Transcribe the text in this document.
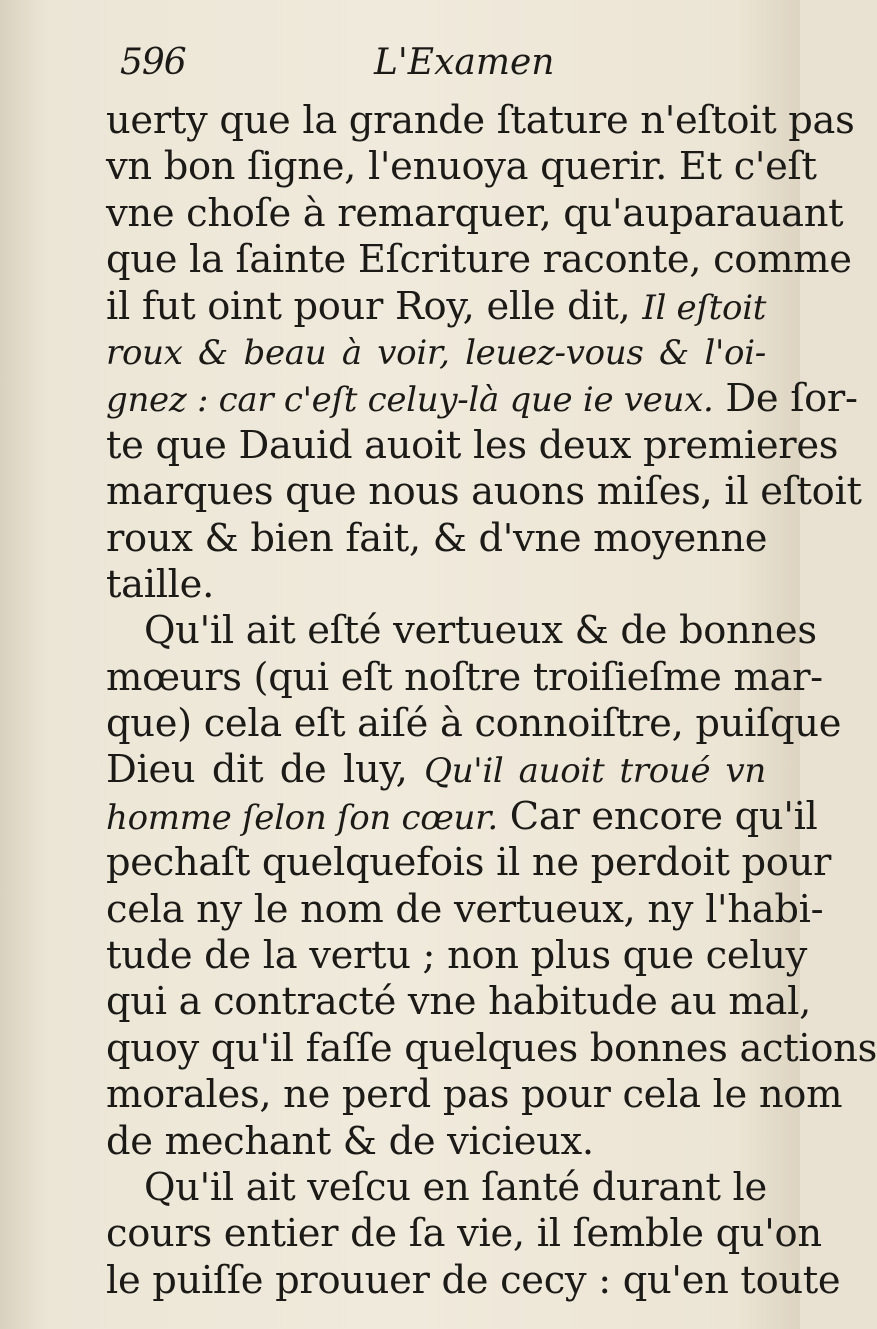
596	L'Examen
uerty que la grande ſtature n'eſtoit pas
vn bon ſigne, l'enuoya querir. Et c'eſt
vne choſe à remarquer, qu'auparauant
que la ſainte Eſcriture raconte, comme
il fut oint pour Roy, elle dit, Il eſtoit
roux & beau à voir, leuez-vous & l'oi-
gnez : car c'eſt celuy-là que ie veux. De ſor-
te que Dauid auoit les deux premieres
marques que nous auons miſes, il eſtoit
roux & bien fait, & d'vne moyenne
taille.
Qu'il ait eſté vertueux & de bonnes
mœurs (qui eſt noſtre troiſieſme mar-
que) cela eſt aiſé à connoiſtre, puiſque
Dieu dit de luy, Qu'il auoit troué vn
homme ſelon ſon cœur. Car encore qu'il
pechaſt quelquefois il ne perdoit pour
cela ny le nom de vertueux, ny l'habi-
tude de la vertu ; non plus que celuy
qui a contracté vne habitude au mal,
quoy qu'il faſſe quelques bonnes actions
morales, ne perd pas pour cela le nom
de mechant & de vicieux.
Qu'il ait veſcu en ſanté durant le
cours entier de ſa vie, il ſemble qu'on
le puiſſe prouuer de cecy : qu'en toute
